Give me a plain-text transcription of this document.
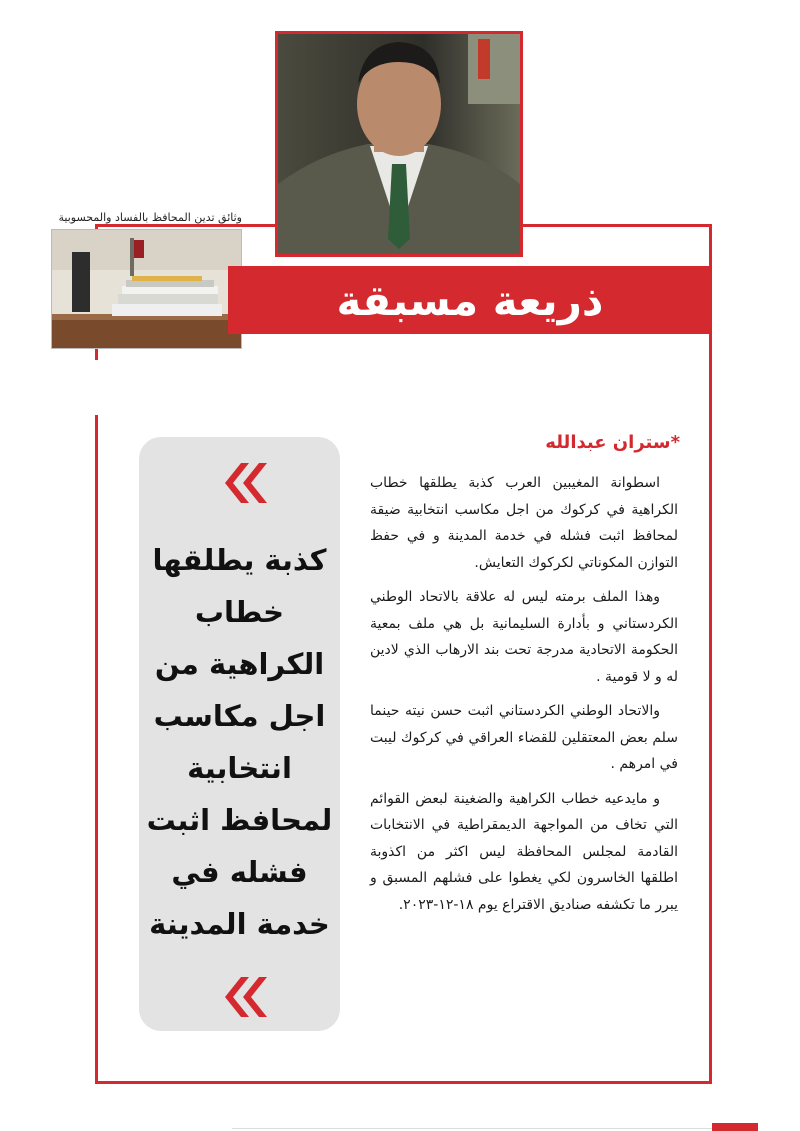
وثائق تدين المحافظ بالفساد والمحسوبية
ذريعة مسبقة
كذبة يطلقها خطاب الكراهية من اجل مكاسب انتخابية لمحافظ اثبت فشله في خدمة المدينة
*ستران عبدالله

اسطوانة المغيبين العرب كذبة يطلقها خطاب الكراهية في كركوك من اجل مكاسب انتخابية ضيقة لمحافظ اثبت فشله في خدمة المدينة و في حفظ التوازن المكوناتي لكركوك التعايش.

وهذا الملف برمته ليس له علاقة بالاتحاد الوطني الكردستاني و بأدارة السليمانية بل هي ملف بمعية الحكومة الاتحادية مدرجة تحت بند الارهاب الذي لادين له و لا قومية .

والاتحاد الوطني الكردستاني اثبت حسن نيته حينما سلم بعض المعتقلين للقضاء العراقي في كركوك ليبت في امرهم .

و مايدعيه خطاب الكراهية والضغينة لبعض القوائم التي تخاف من المواجهة الديمقراطية في الانتخابات القادمة لمجلس المحافظة ليس اكثر من اكذوبة اطلقها الخاسرون لكي يغطوا على فشلهم المسبق و يبرر ما تكشفه صناديق الاقتراع يوم ١٨-١٢-٢٠٢٣.
